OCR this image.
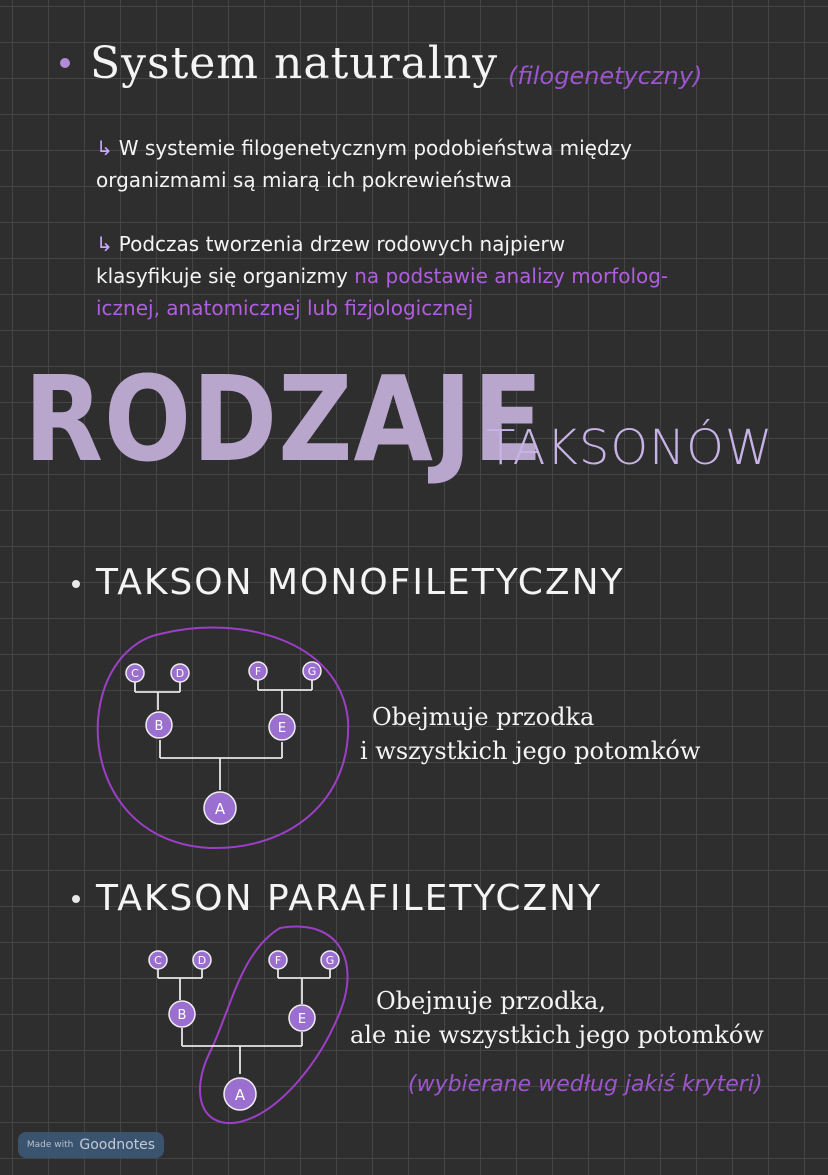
System naturalny (filogenetyczny)
↳ W systemie filogenetycznym podobieństwa między
organizmami są miarą ich pokrewieństwa
↳ Podczas tworzenia drzew rodowych najpierw
klasyfikuje się organizmy na podstawie analizy morfolog-
icznej, anatomicznej lub fizjologicznej
RODZAJE
TAKSONÓW
TAKSON MONOFILETYCZNY
C	D	F	G
B	E
A
Obejmuje przodka
i wszystkich jego potomków
TAKSON PARAFILETYCZNY
C	D	F	G
B	E
A
Obejmuje przodka,
ale nie wszystkich jego potomków
(wybierane według jakiś kryteri)
Made with Goodnotes
